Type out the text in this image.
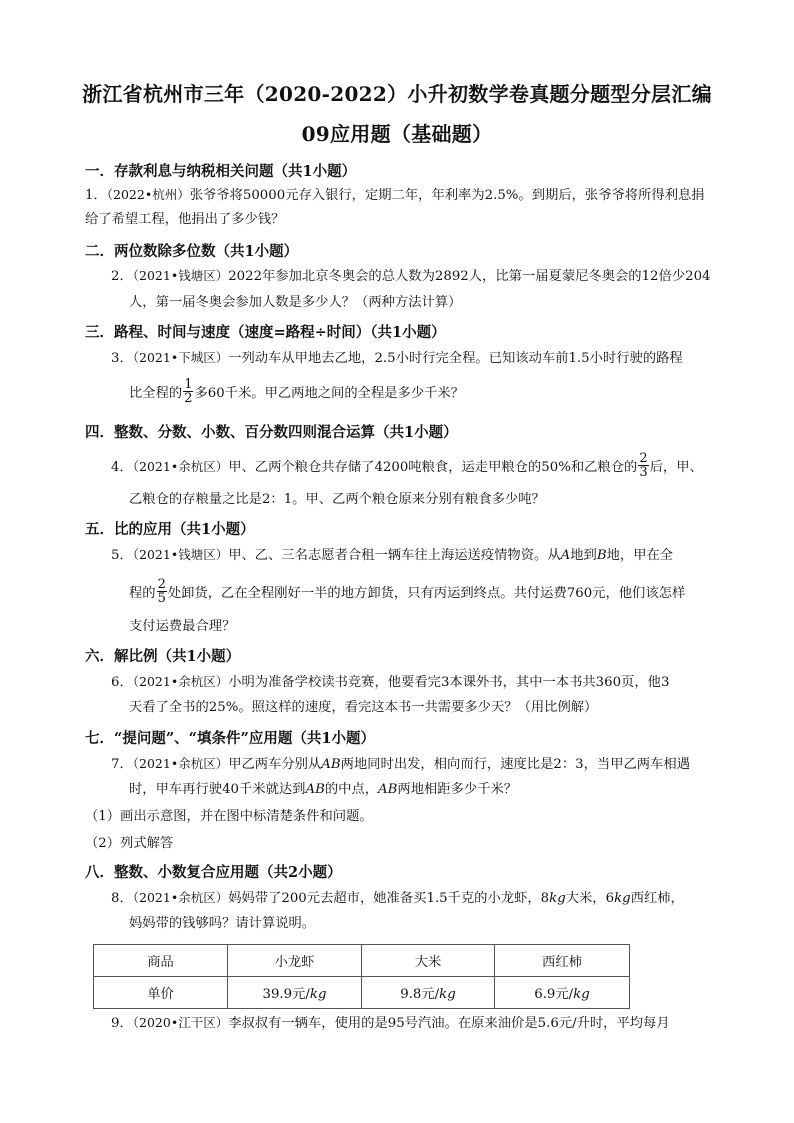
浙江省杭州市三年（2020-2022）小升初数学卷真题分题型分层汇编
09应用题（基础题）
一．存款利息与纳税相关问题（共1小题）
1．（2022•杭州）张爷爷将50000元存入银行，定期二年，年利率为2.5%。到期后，张爷爷将所得利息捐
给了希望工程，他捐出了多少钱？
二．两位数除多位数（共1小题）
2．（2021•钱塘区）2022年参加北京冬奥会的总人数为2892人，比第一届夏蒙尼冬奥会的12倍少204
人，第一届冬奥会参加人数是多少人？（两种方法计算）
三．路程、时间与速度（速度=路程÷时间）（共1小题）
3．（2021•下城区）一列动车从甲地去乙地，2.5小时行完全程。已知该动车前1.5小时行驶的路程
比全程的 $\frac{1}{2}$ 多60千米。甲乙两地之间的全程是多少千米？
四．整数、分数、小数、百分数四则混合运算（共1小题）
4．（2021•余杭区）甲、乙两个粮仓共存储了4200吨粮食，运走甲粮仓的50%和乙粮仓的 $\frac{2}{3}$ 后，甲、
乙粮仓的存粮量之比是2：1。甲、乙两个粮仓原来分别有粮食多少吨？
五．比的应用（共1小题）
5．（2021•钱塘区）甲、乙、三名志愿者合租一辆车往上海运送疫情物资。从A地到B地，甲在全
程的 $\frac{2}{5}$ 处卸货，乙在全程刚好一半的地方卸货，只有丙运到终点。共付运费760元，他们该怎样
支付运费最合理？
六．解比例（共1小题）
6．（2021•余杭区）小明为准备学校读书竞赛，他要看完3本课外书，其中一本书共360页，他3
天看了全书的25%。照这样的速度，看完这本书一共需要多少天？（用比例解）
七．“提问题”、“填条件”应用题（共1小题）
7．（2021•余杭区）甲乙两车分别从AB两地同时出发，相向而行，速度比是2：3，当甲乙两车相遇
时，甲车再行驶40千米就达到AB的中点，AB两地相距多少千米？
（1）画出示意图，并在图中标清楚条件和问题。
（2）列式解答
八．整数、小数复合应用题（共2小题）
8．（2021•余杭区）妈妈带了200元去超市，她准备买1.5千克的小龙虾，8kg大米，6kg西红柿，
妈妈带的钱够吗？请计算说明。
商品	小龙虾	大米	西红柿
单价	39.9元/kg	9.8元/kg	6.9元/kg
9．（2020•江干区）李叔叔有一辆车，使用的是95号汽油。在原来油价是5.6元/升时，平均每月
